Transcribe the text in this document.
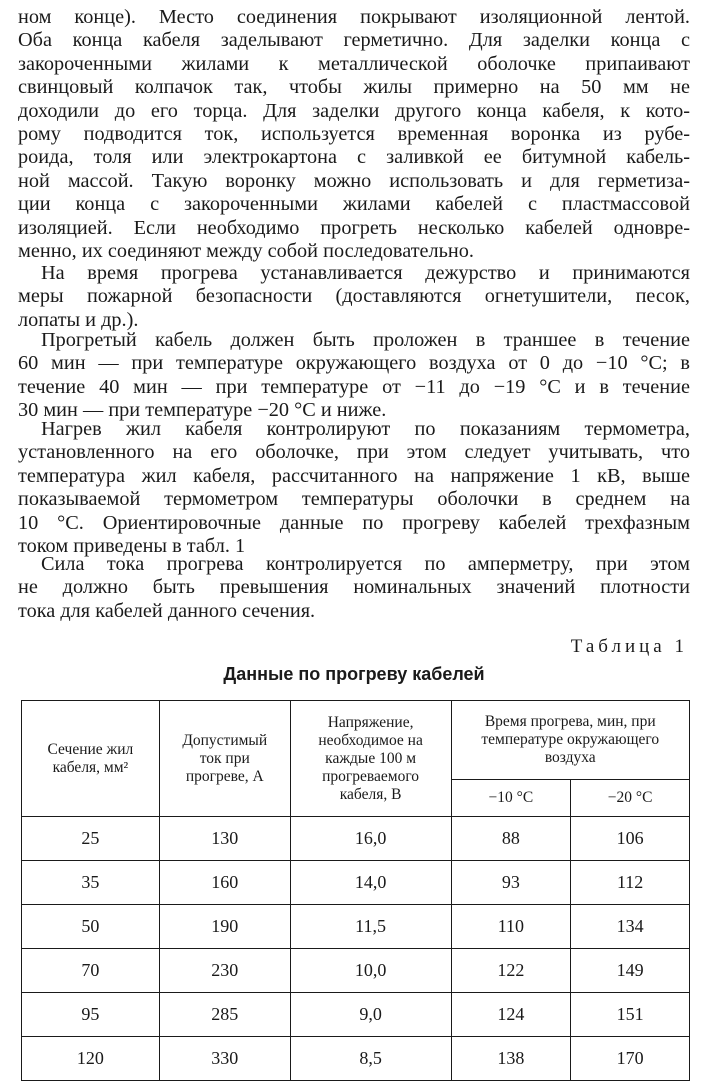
ном конце). Место соединения покрывают изоляционной лентой.
Оба конца кабеля заделывают герметично. Для заделки конца с
закороченными жилами к металлической оболочке припаивают
свинцовый колпачок так, чтобы жилы примерно на 50 мм не
доходили до его торца. Для заделки другого конца кабеля, к кото-
рому подводится ток, используется временная воронка из рубе-
роида, толя или электрокартона с заливкой ее битумной кабель-
ной массой. Такую воронку можно использовать и для герметиза-
ции конца с закороченными жилами кабелей с пластмассовой
изоляцией. Если необходимо прогреть несколько кабелей одновре-
менно, их соединяют между собой последовательно.
На время прогрева устанавливается дежурство и принимаются
меры пожарной безопасности (доставляются огнетушители, песок,
лопаты и др.).
Прогретый кабель должен быть проложен в траншее в течение
60 мин — при температуре окружающего воздуха от 0 до −10 °С; в
течение 40 мин — при температуре от −11 до −19 °С и в течение
30 мин — при температуре −20 °С и ниже.
Нагрев жил кабеля контролируют по показаниям термометра,
установленного на его оболочке, при этом следует учитывать, что
температура жил кабеля, рассчитанного на напряжение 1 кВ, выше
показываемой термометром температуры оболочки в среднем на
10 °С. Ориентировочные данные по прогреву кабелей трехфазным
током приведены в табл. 1
Сила тока прогрева контролируется по амперметру, при этом
не должно быть превышения номинальных значений плотности
тока для кабелей данного сечения.
Таблица 1
Данные по прогреву кабелей
Сечение жил кабеля, мм²	Допустимый ток при прогреве, А	Напряжение, необходимое на каждые 100 м прогреваемого кабеля, В	Время прогрева, мин, при температуре окружающего воздуха	
			−10 °С	−20 °С
25	130	16,0	88	106
35	160	14,0	93	112
50	190	11,5	110	134
70	230	10,0	122	149
95	285	9,0	124	151
120	330	8,5	138	170
